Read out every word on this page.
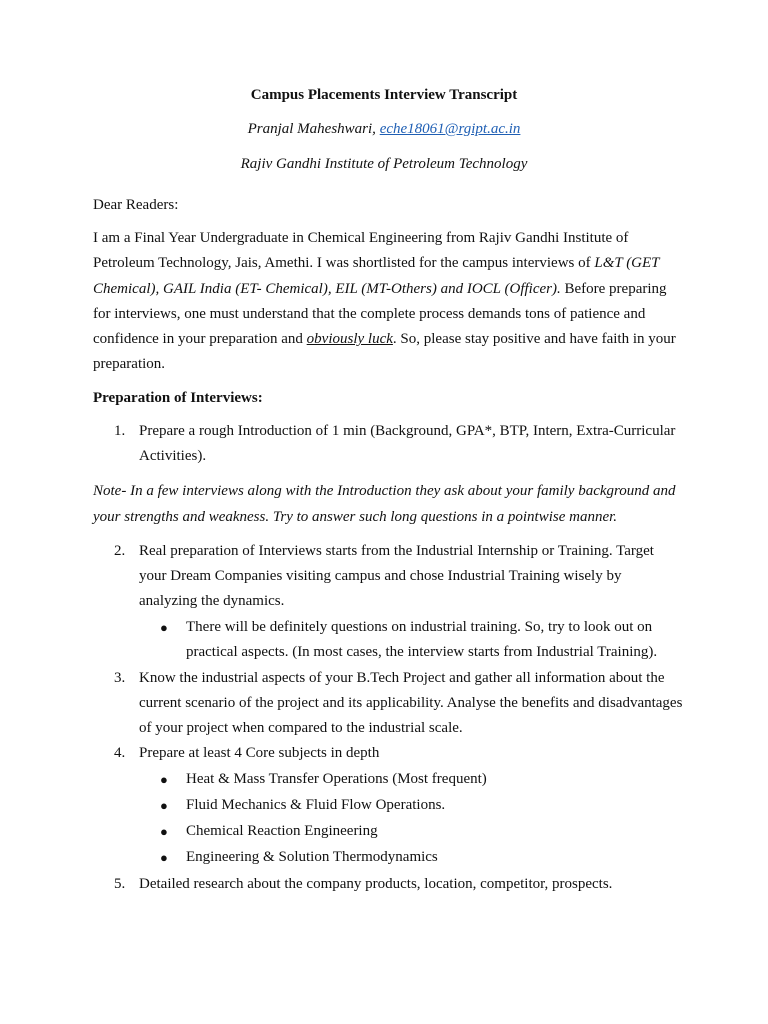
Campus Placements Interview Transcript
Pranjal Maheshwari, eche18061@rgipt.ac.in
Rajiv Gandhi Institute of Petroleum Technology
Dear Readers:
I am a Final Year Undergraduate in Chemical Engineering from Rajiv Gandhi Institute of Petroleum Technology, Jais, Amethi. I was shortlisted for the campus interviews of L&T (GET Chemical), GAIL India (ET- Chemical), EIL (MT-Others) and IOCL (Officer). Before preparing for interviews, one must understand that the complete process demands tons of patience and confidence in your preparation and obviously luck. So, please stay positive and have faith in your preparation.
Preparation of Interviews:
1. Prepare a rough Introduction of 1 min (Background, GPA*, BTP, Intern, Extra-Curricular Activities).
Note- In a few interviews along with the Introduction they ask about your family background and your strengths and weakness. Try to answer such long questions in a pointwise manner.
2. Real preparation of Interviews starts from the Industrial Internship or Training. Target your Dream Companies visiting campus and chose Industrial Training wisely by analyzing the dynamics.
● There will be definitely questions on industrial training. So, try to look out on practical aspects. (In most cases, the interview starts from Industrial Training).
3. Know the industrial aspects of your B.Tech Project and gather all information about the current scenario of the project and its applicability. Analyse the benefits and disadvantages of your project when compared to the industrial scale.
4. Prepare at least 4 Core subjects in depth
● Heat & Mass Transfer Operations (Most frequent)
● Fluid Mechanics & Fluid Flow Operations.
● Chemical Reaction Engineering
● Engineering & Solution Thermodynamics
5. Detailed research about the company products, location, competitor, prospects.
